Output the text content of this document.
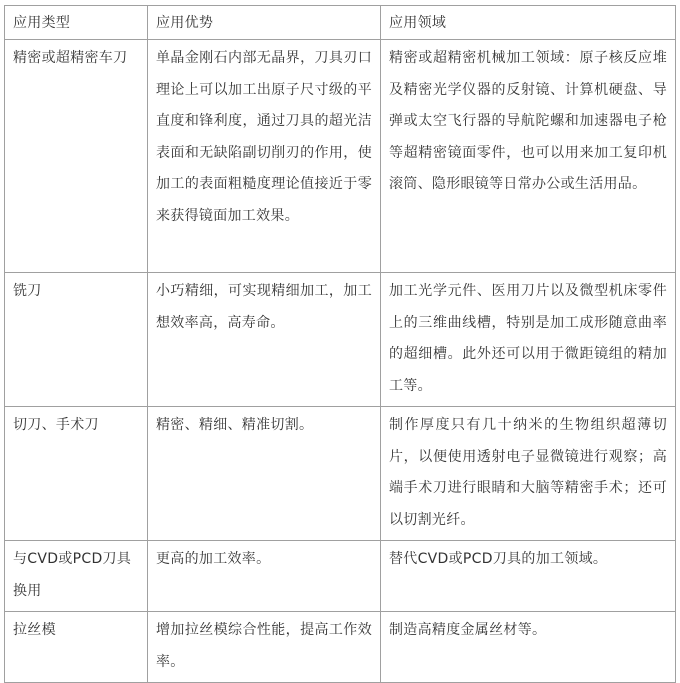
应用类型	应用优势	应用领域
精密或超精密车刀	单晶金刚石内部无晶界，刀具刃口理论上可以加工出原子尺寸级的平直度和锋利度，通过刀具的超光洁表面和无缺陷副切削刃的作用，使加工的表面粗糙度理论值接近于零来获得镜面加工效果。	精密或超精密机械加工领域：原子核反应堆及精密光学仪器的反射镜、计算机硬盘、导弹或太空飞行器的导航陀螺和加速器电子枪等超精密镜面零件，也可以用来加工复印机滚筒、隐形眼镜等日常办公或生活用品。
铣刀	小巧精细，可实现精细加工，加工想效率高，高寿命。	加工光学元件、医用刀片以及微型机床零件上的三维曲线槽，特别是加工成形随意曲率的超细槽。此外还可以用于微距镜组的精加工等。
切刀、手术刀	精密、精细、精准切割。	制作厚度只有几十纳米的生物组织超薄切片，以便使用透射电子显微镜进行观察；高端手术刀进行眼睛和大脑等精密手术；还可以切割光纤。
与CVD或PCD刀具换用	更高的加工效率。	替代CVD或PCD刀具的加工领域。
拉丝模	增加拉丝模综合性能，提高工作效率。	制造高精度金属丝材等。
